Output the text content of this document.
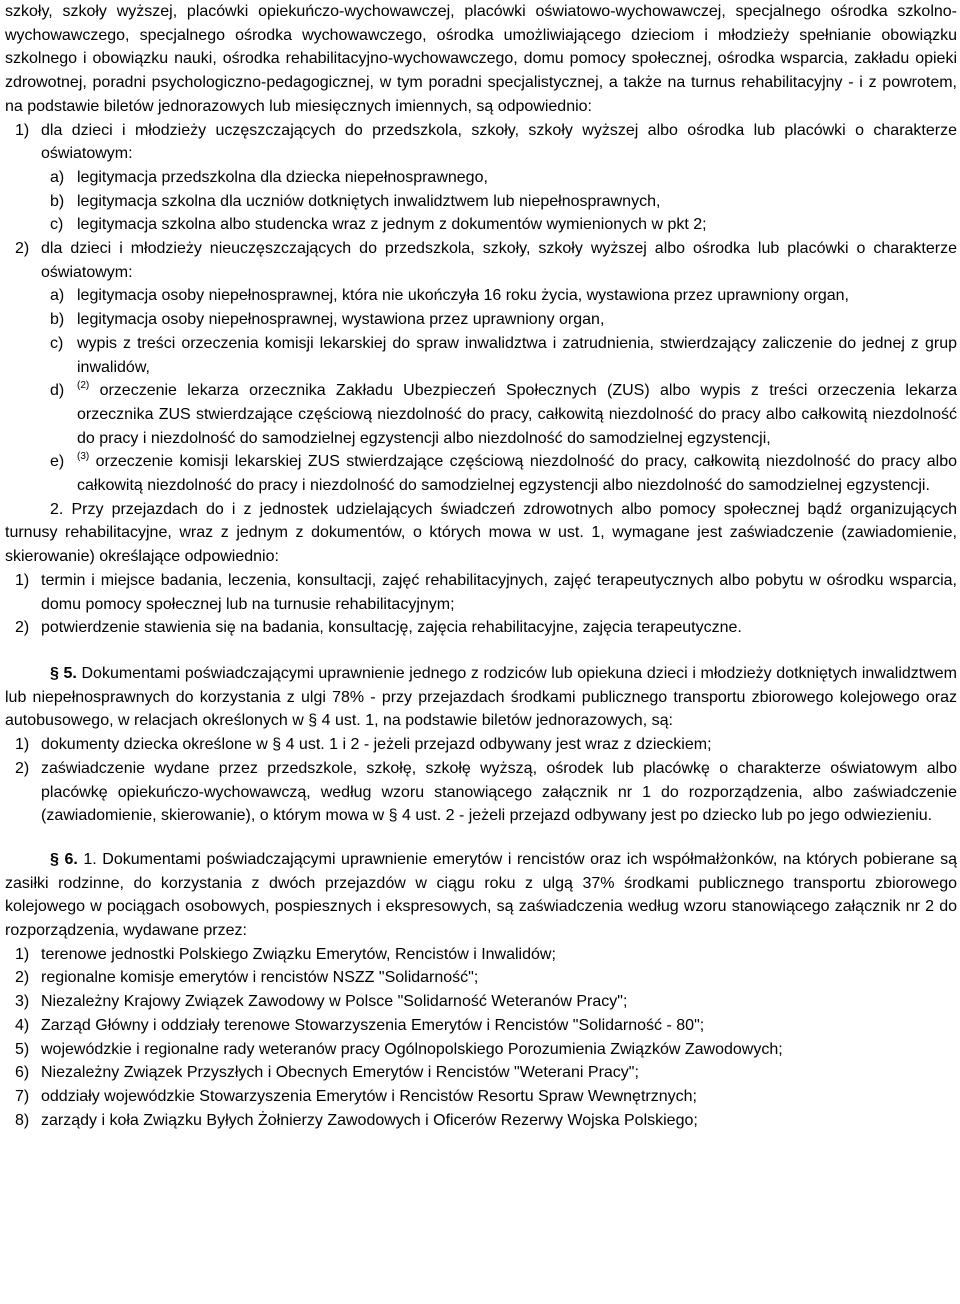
szkoły, szkoły wyższej, placówki opiekuńczo-wychowawczej, placówki oświatowo-wychowawczej, specjalnego ośrodka szkolno-wychowawczego, specjalnego ośrodka wychowawczego, ośrodka umożliwiającego dzieciom i młodzieży spełnianie obowiązku szkolnego i obowiązku nauki, ośrodka rehabilitacyjno-wychowawczego, domu pomocy społecznej, ośrodka wsparcia, zakładu opieki zdrowotnej, poradni psychologiczno-pedagogicznej, w tym poradni specjalistycznej, a także na turnus rehabilitacyjny - i z powrotem, na podstawie biletów jednorazowych lub miesięcznych imiennych, są odpowiednio:

1) dla dzieci i młodzieży uczęszczających do przedszkola, szkoły, szkoły wyższej albo ośrodka lub placówki o charakterze oświatowym:
a) legitymacja przedszkolna dla dziecka niepełnosprawnego,
b) legitymacja szkolna dla uczniów dotkniętych inwalidztwem lub niepełnosprawnych,
c) legitymacja szkolna albo studencka wraz z jednym z dokumentów wymienionych w pkt 2;
2) dla dzieci i młodzieży nieuczęszczających do przedszkola, szkoły, szkoły wyższej albo ośrodka lub placówki o charakterze oświatowym:
a) legitymacja osoby niepełnosprawnej, która nie ukończyła 16 roku życia, wystawiona przez uprawniony organ,
b) legitymacja osoby niepełnosprawnej, wystawiona przez uprawniony organ,
c) wypis z treści orzeczenia komisji lekarskiej do spraw inwalidztwa i zatrudnienia, stwierdzający zaliczenie do jednej z grup inwalidów,
d) $^{(2)}$ orzeczenie lekarza orzecznika Zakładu Ubezpieczeń Społecznych (ZUS) albo wypis z treści orzeczenia lekarza orzecznika ZUS stwierdzające częściową niezdolność do pracy, całkowitą niezdolność do pracy albo całkowitą niezdolność do pracy i niezdolność do samodzielnej egzystencji albo niezdolność do samodzielnej egzystencji,
e) $^{(3)}$ orzeczenie komisji lekarskiej ZUS stwierdzające częściową niezdolność do pracy, całkowitą niezdolność do pracy albo całkowitą niezdolność do pracy i niezdolność do samodzielnej egzystencji albo niezdolność do samodzielnej egzystencji.

2. Przy przejazdach do i z jednostek udzielających świadczeń zdrowotnych albo pomocy społecznej bądź organizujących turnusy rehabilitacyjne, wraz z jednym z dokumentów, o których mowa w ust. 1, wymagane jest zaświadczenie (zawiadomienie, skierowanie) określające odpowiednio:

1) termin i miejsce badania, leczenia, konsultacji, zajęć rehabilitacyjnych, zajęć terapeutycznych albo pobytu w ośrodku wsparcia, domu pomocy społecznej lub na turnusie rehabilitacyjnym;
2) potwierdzenie stawienia się na badania, konsultację, zajęcia rehabilitacyjne, zajęcia terapeutyczne.

§ 5. Dokumentami poświadczającymi uprawnienie jednego z rodziców lub opiekuna dzieci i młodzieży dotkniętych inwalidztwem lub niepełnosprawnych do korzystania z ulgi 78% - przy przejazdach środkami publicznego transportu zbiorowego kolejowego oraz autobusowego, w relacjach określonych w § 4 ust. 1, na podstawie biletów jednorazowych, są:

1) dokumenty dziecka określone w § 4 ust. 1 i 2 - jeżeli przejazd odbywany jest wraz z dzieckiem;
2) zaświadczenie wydane przez przedszkole, szkołę, szkołę wyższą, ośrodek lub placówkę o charakterze oświatowym albo placówkę opiekuńczo-wychowawczą, według wzoru stanowiącego załącznik nr 1 do rozporządzenia, albo zaświadczenie (zawiadomienie, skierowanie), o którym mowa w § 4 ust. 2 - jeżeli przejazd odbywany jest po dziecko lub po jego odwiezieniu.

§ 6. 1. Dokumentami poświadczającymi uprawnienie emerytów i rencistów oraz ich współmałżonków, na których pobierane są zasiłki rodzinne, do korzystania z dwóch przejazdów w ciągu roku z ulgą 37% środkami publicznego transportu zbiorowego kolejowego w pociągach osobowych, pospiesznych i ekspresowych, są zaświadczenia według wzoru stanowiącego załącznik nr 2 do rozporządzenia, wydawane przez:

1) terenowe jednostki Polskiego Związku Emerytów, Rencistów i Inwalidów;
2) regionalne komisje emerytów i rencistów NSZZ "Solidarność";
3) Niezależny Krajowy Związek Zawodowy w Polsce "Solidarność Weteranów Pracy";
4) Zarząd Główny i oddziały terenowe Stowarzyszenia Emerytów i Rencistów "Solidarność - 80";
5) wojewódzkie i regionalne rady weteranów pracy Ogólnopolskiego Porozumienia Związków Zawodowych;
6) Niezależny Związek Przyszłych i Obecnych Emerytów i Rencistów "Weterani Pracy";
7) oddziały wojewódzkie Stowarzyszenia Emerytów i Rencistów Resortu Spraw Wewnętrznych;
8) zarządy i koła Związku Byłych Żołnierzy Zawodowych i Oficerów Rezerwy Wojska Polskiego;
